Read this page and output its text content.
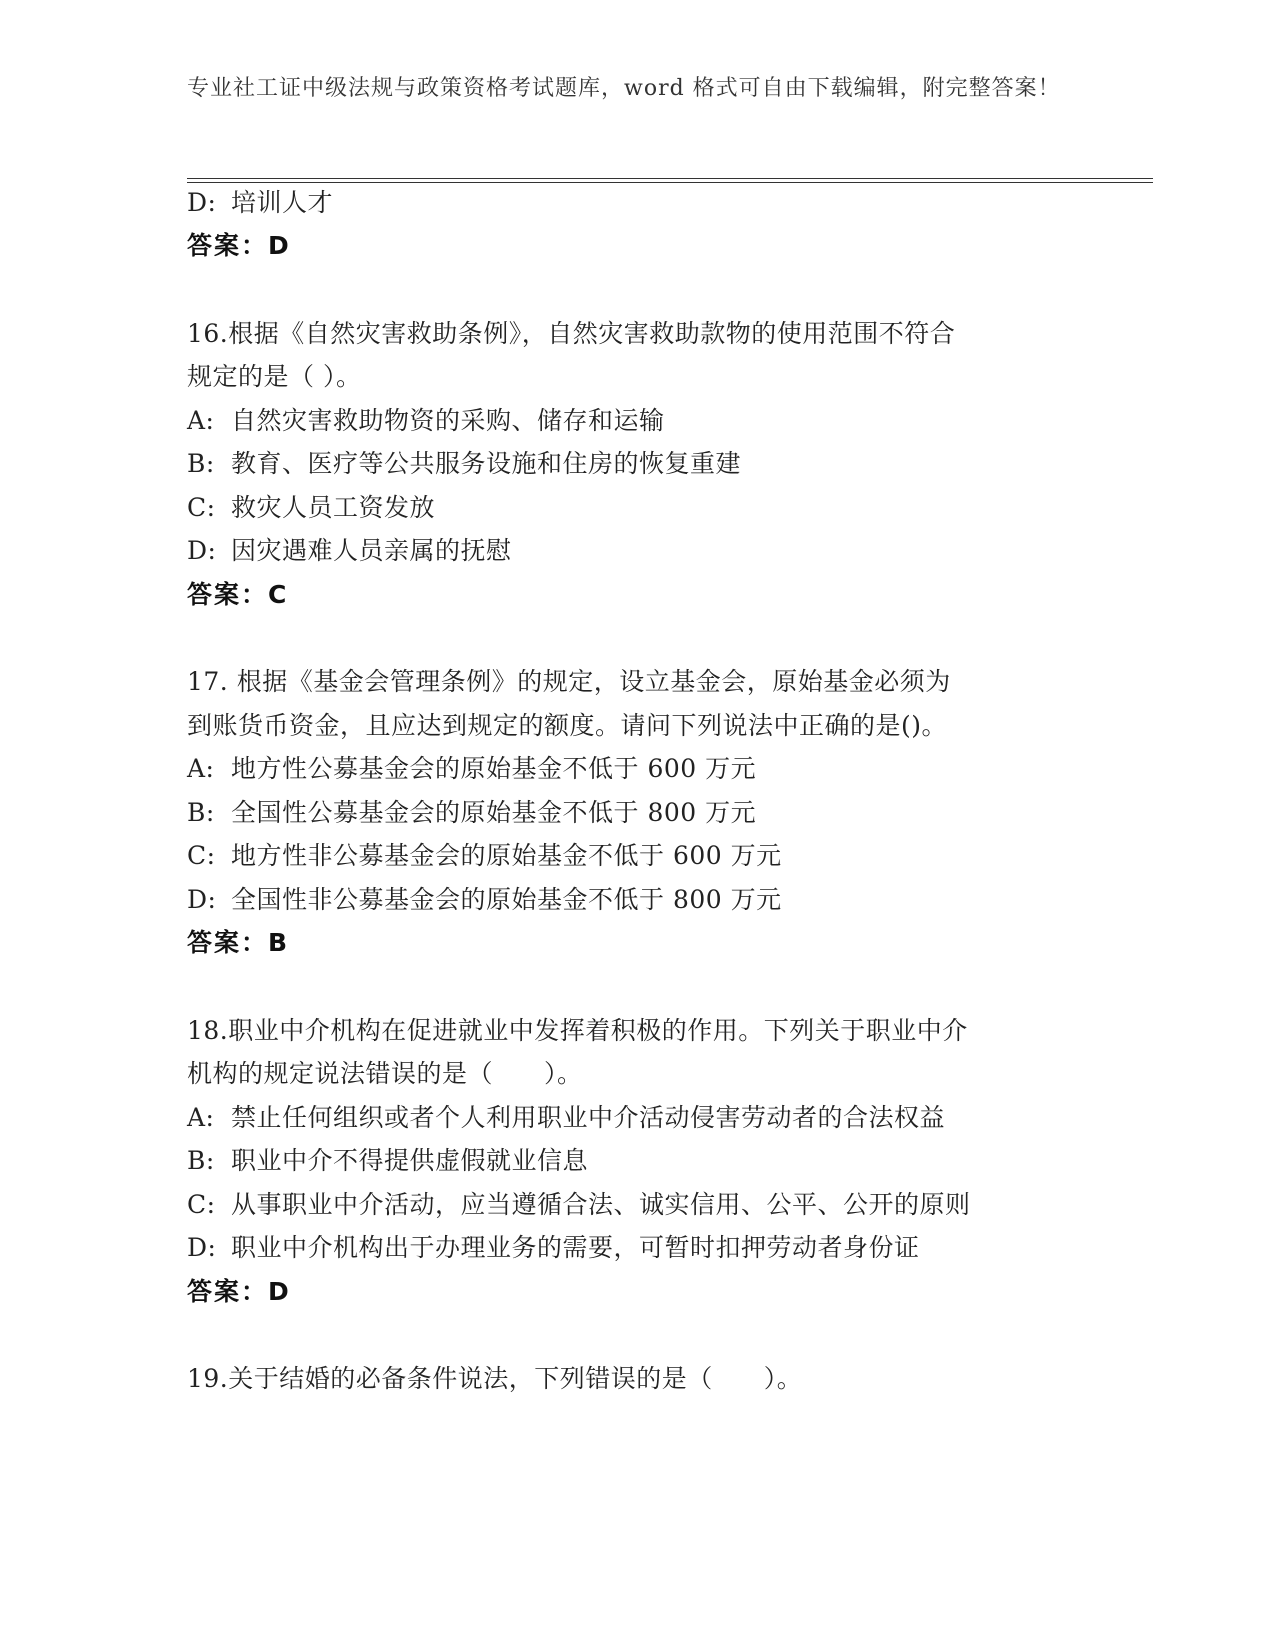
专业社工证中级法规与政策资格考试题库，word 格式可自由下载编辑，附完整答案！
D: 培训人才
答案：D
16.根据《自然灾害救助条例》，自然灾害救助款物的使用范围不符合
规定的是（ ）。
A: 自然灾害救助物资的采购、储存和运输
B: 教育、医疗等公共服务设施和住房的恢复重建
C: 救灾人员工资发放
D: 因灾遇难人员亲属的抚慰
答案：C
17. 根据《基金会管理条例》的规定，设立基金会，原始基金必须为
到账货币资金，且应达到规定的额度。请问下列说法中正确的是()。
A: 地方性公募基金会的原始基金不低于 600 万元
B: 全国性公募基金会的原始基金不低于 800 万元
C: 地方性非公募基金会的原始基金不低于 600 万元
D: 全国性非公募基金会的原始基金不低于 800 万元
答案：B
18.职业中介机构在促进就业中发挥着积极的作用。下列关于职业中介
机构的规定说法错误的是（　　）。
A: 禁止任何组织或者个人利用职业中介活动侵害劳动者的合法权益
B: 职业中介不得提供虚假就业信息
C: 从事职业中介活动，应当遵循合法、诚实信用、公平、公开的原则
D: 职业中介机构出于办理业务的需要，可暂时扣押劳动者身份证
答案：D
19.关于结婚的必备条件说法，下列错误的是（　　）。
